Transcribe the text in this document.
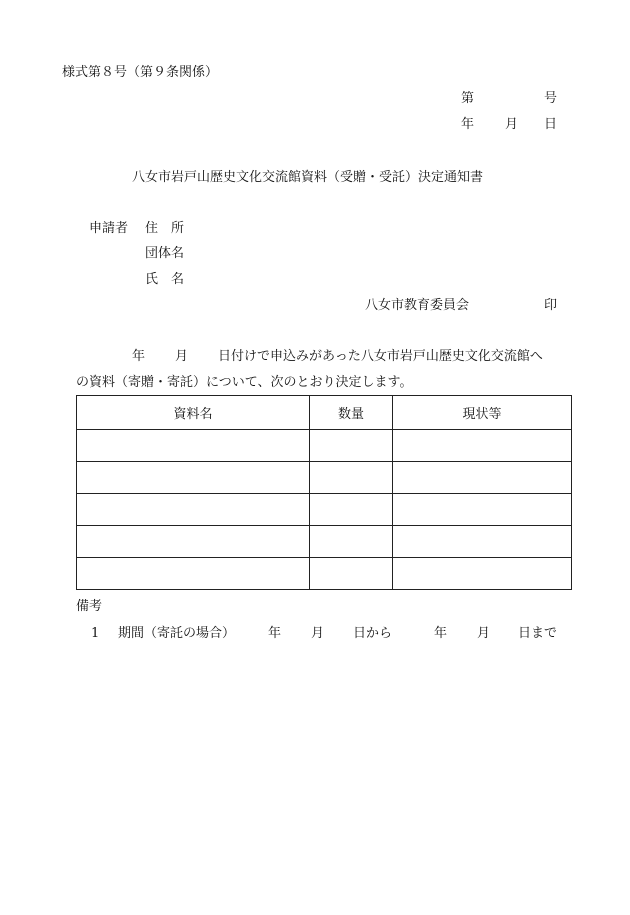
様式第８号（第９条関係）
第	号
年 月 日
八女市岩戸山歴史文化交流館資料（受贈・受託）決定通知書
申請者 住　所
団体名
氏　名
八女市教育委員会	印
年 月 日付けで申込みがあった八女市岩戸山歴史文化交流館へ
の資料（寄贈・寄託）について、次のとおり決定します。
資料名	数量	現状等

備考
1 期間（寄託の場合）	年 月 日から	年 月 日まで
